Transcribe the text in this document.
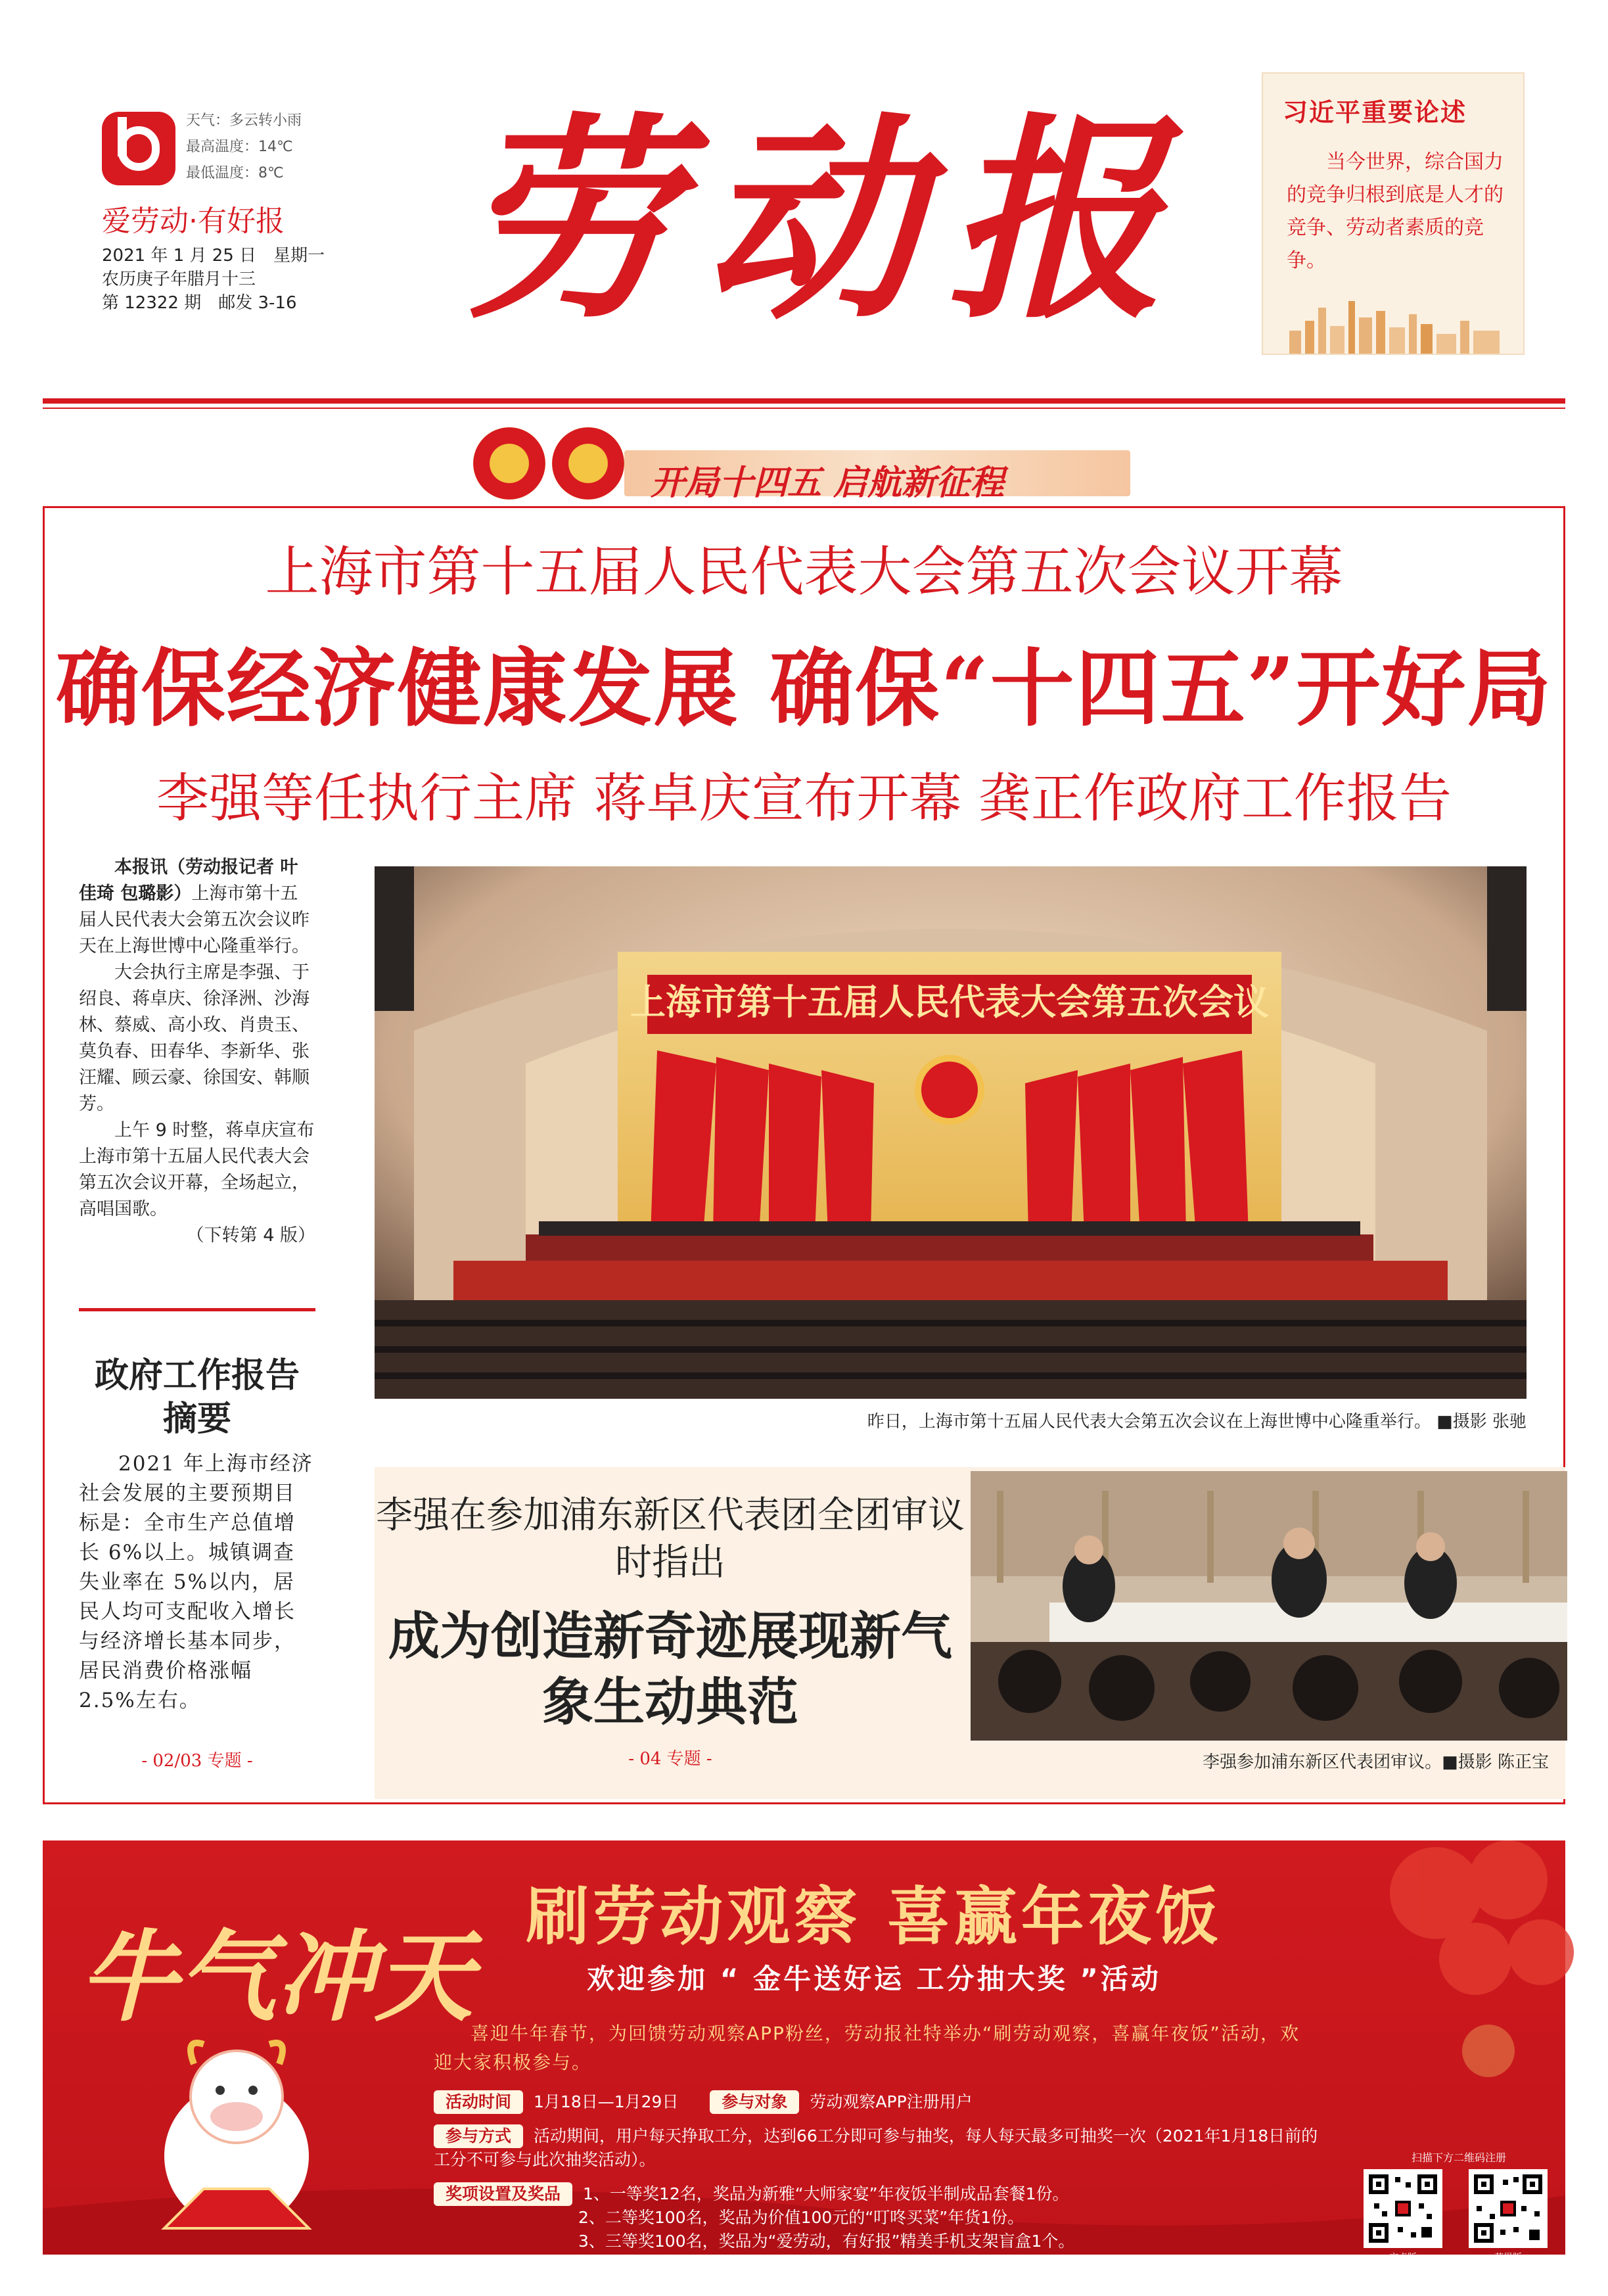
天气：多云转小雨
最高温度：14℃
最低温度：8℃
爱劳动·有好报
2021 年 1 月 25 日　星期一
农历庚子年腊月十三
第 12322 期　邮发 3-16 劳动报	习近平重要论述
当今世界，综合国力的竞争归根到底是人才的竞争、劳动者素质的竞争。
开局十四五 启航新征程
上海市第十五届人民代表大会第五次会议开幕
确保经济健康发展 确保“十四五”开好局
李强等任执行主席 蒋卓庆宣布开幕 龚正作政府工作报告

本报讯（劳动报记者 叶佳琦 包璐影）上海市第十五届人民代表大会第五次会议昨天在上海世博中心隆重举行。

大会执行主席是李强、于绍良、蒋卓庆、徐泽洲、沙海林、蔡威、高小玫、肖贵玉、莫负春、田春华、李新华、张汪耀、顾云豪、徐国安、韩顺芳。

上午 9 时整，蒋卓庆宣布上海市第十五届人民代表大会第五次会议开幕，全场起立，高唱国歌。

（下转第 4 版）

政府工作报告摘要
2021 年上海市经济社会发展的主要预期目标是：全市生产总值增长 6%以上。城镇调查失业率在 5%以内，居民人均可支配收入增长与经济增长基本同步，居民消费价格涨幅 2.5%左右。
- 02/03 专题 -
上海市第十五届人民代表大会第五次会议
昨日，上海市第十五届人民代表大会第五次会议在上海世博中心隆重举行。 ■摄影 张驰
李强在参加浦东新区代表团全团审议时指出
成为创造新奇迹展现新气象生动典范
- 04 专题 -	李强参加浦东新区代表团审议。■摄影 陈正宝
牛气冲天
刷劳动观察 喜赢年夜饭
欢迎参加 “ 金牛送好运 工分抽大奖 ”活动
喜迎牛年春节，为回馈劳动观察APP粉丝，劳动报社特举办“刷劳动观察，喜赢年夜饭”活动，欢迎大家积极参与。
活动时间 1月18日—1月29日	参与对象 劳动观察APP注册用户
参与方式 活动期间，用户每天挣取工分，达到66工分即可参与抽奖，每人每天最多可抽奖一次（2021年1月18日前的工分不可参与此次抽奖活动）。
奖项设置及奖品	1、一等奖12名，奖品为新雅“大师家宴”年夜饭半制成品套餐1份。
2、二等奖100名，奖品为价值100元的“叮咚买菜”年货1份。
3、三等奖100名，奖品为“爱劳动，有好报”精美手机支架盲盒1个。
扫描下方二维码注册
安卓版	苹果版
